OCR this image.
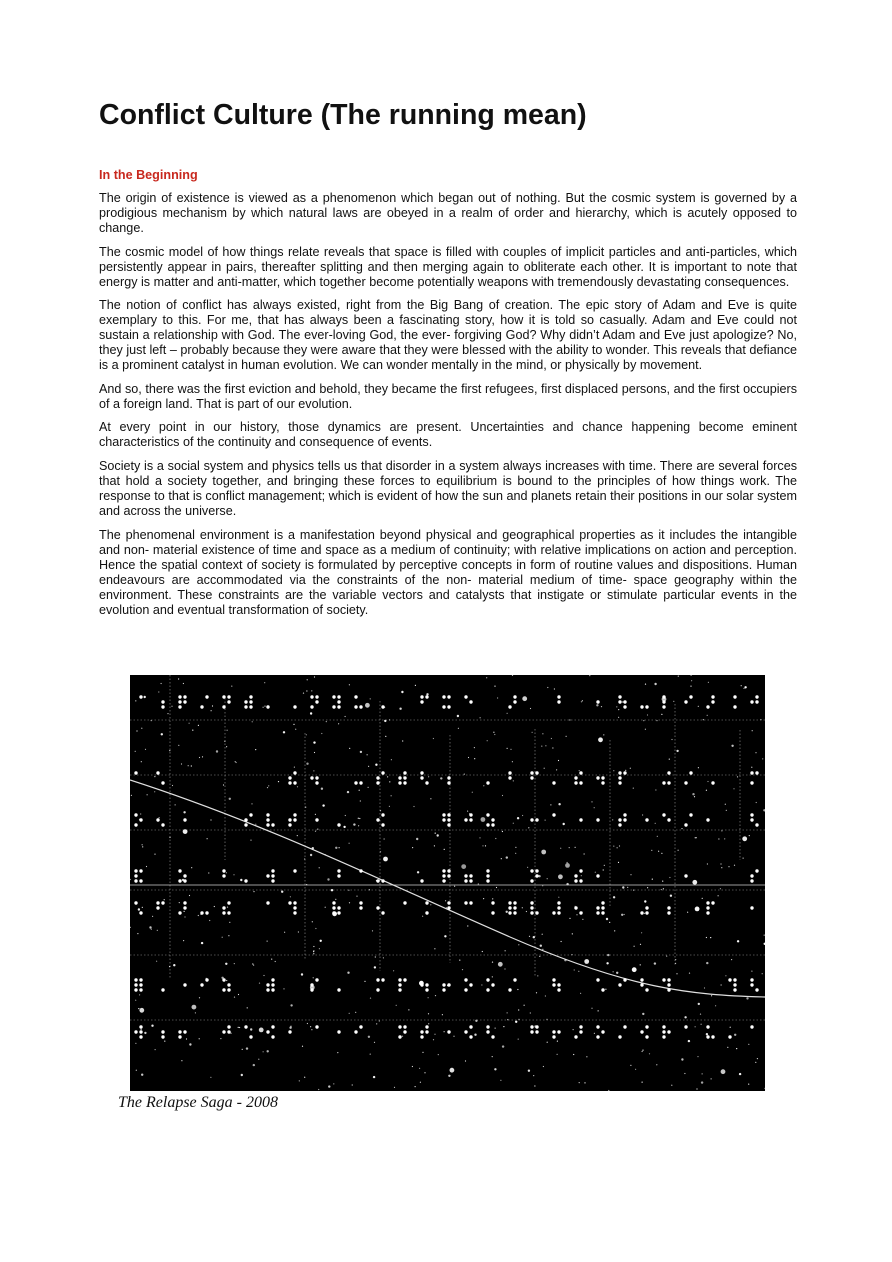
Conflict Culture (The running mean)
In the Beginning

The origin of existence is viewed as a phenomenon which began out of nothing. But the cosmic system is governed by a prodigious mechanism by which natural laws are obeyed in a realm of order and hierarchy, which is acutely opposed to change.

The cosmic model of how things relate reveals that space is filled with couples of implicit particles and anti-particles, which persistently appear in pairs, thereafter splitting and then merging again to obliterate each other. It is important to note that energy is matter and anti-matter, which together become potentially weapons with tremendously devastating consequences.

The notion of conflict has always existed, right from the Big Bang of creation. The epic story of Adam and Eve is quite exemplary to this. For me, that has always been a fascinating story, how it is told so casually. Adam and Eve could not sustain a relationship with God. The ever-loving God, the ever- forgiving God? Why didn’t Adam and Eve just apologize? No, they just left – probably because they were aware that they were blessed with the ability to wonder. This reveals that defiance is a prominent catalyst in human evolution. We can wonder mentally in the mind, or physically by movement.

And so, there was the first eviction and behold, they became the first refugees, first displaced persons, and the first occupiers of a foreign land. That is part of our evolution.

At every point in our history, those dynamics are present. Uncertainties and chance happening become eminent characteristics of the continuity and consequence of events.

Society is a social system and physics tells us that disorder in a system always increases with time. There are several forces that hold a society together, and bringing these forces to equilibrium is bound to the principles of how things work. The response to that is conflict management; which is evident of how the sun and planets retain their positions in our solar system and across the universe.

The phenomenal environment is a manifestation beyond physical and geographical properties as it includes the intangible and non- material existence of time and space as a medium of continuity; with relative implications on action and perception. Hence the spatial context of society is formulated by perceptive concepts in form of routine values and dispositions. Human endeavours are accommodated via the constraints of the non- material medium of time- space geography within the environment. These constraints are the variable vectors and catalysts that instigate or stimulate particular events in the evolution and eventual transformation of society.

The Relapse Saga - 2008
